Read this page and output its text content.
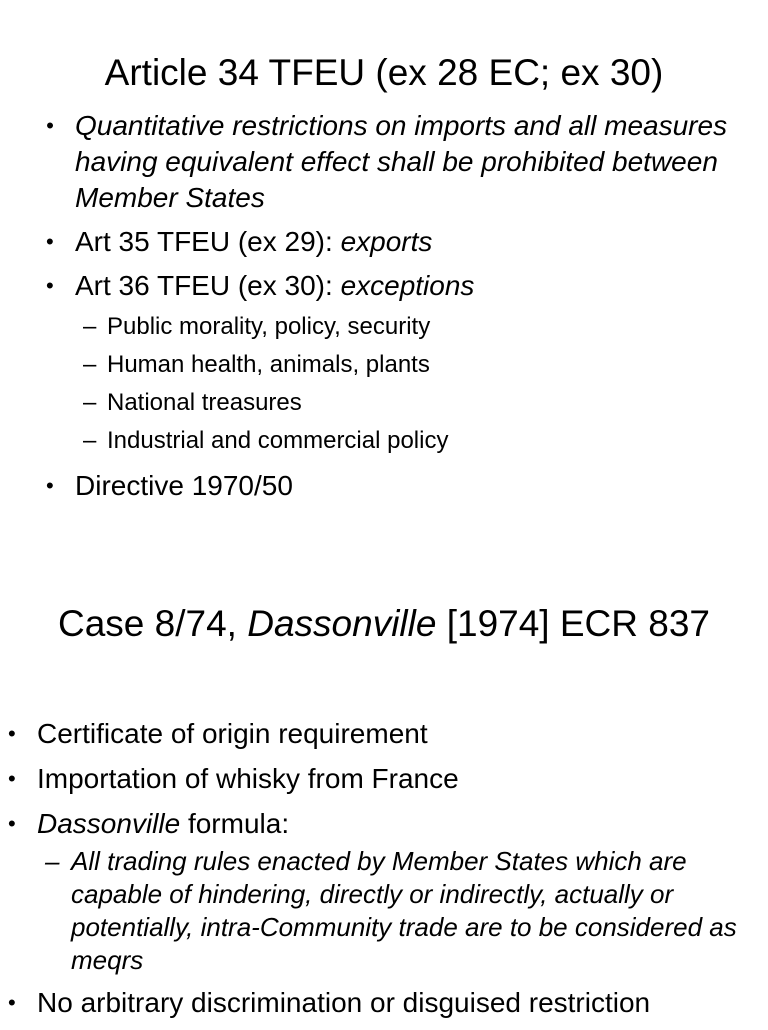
Article 34 TFEU (ex 28 EC; ex 30)
• Quantitative restrictions on imports and all measures having equivalent effect shall be prohibited between Member States
• Art 35 TFEU (ex 29): exports
• Art 36 TFEU (ex 30): exceptions
– Public morality, policy, security
– Human health, animals, plants
– National treasures
– Industrial and commercial policy
• Directive 1970/50
Case 8/74, Dassonville [1974] ECR 837
• Certificate of origin requirement
• Importation of whisky from France
• Dassonville formula:
– All trading rules enacted by Member States which are capable of hindering, directly or indirectly, actually or potentially, intra-Community trade are to be considered as meqrs
• No arbitrary discrimination or disguised restriction
